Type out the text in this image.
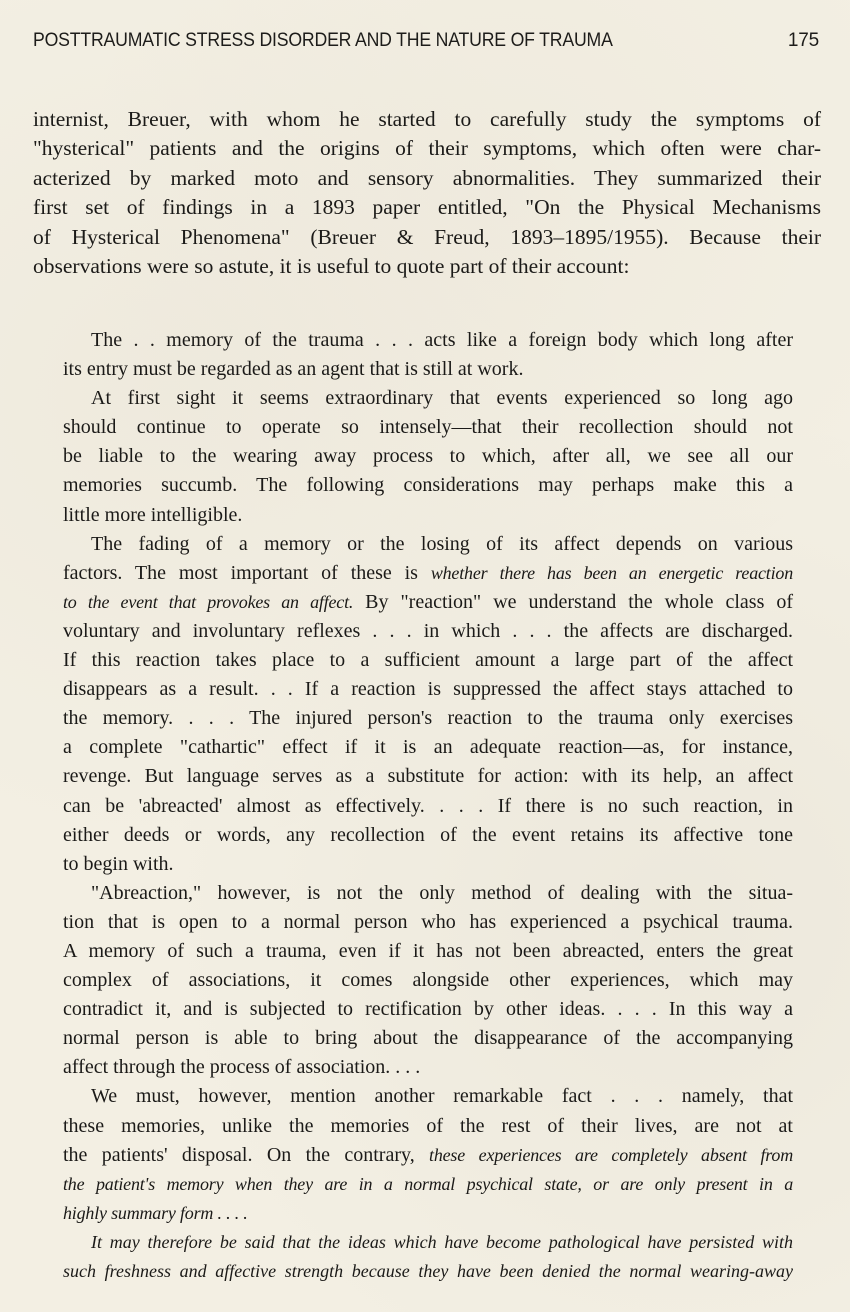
POSTTRAUMATIC STRESS DISORDER AND THE NATURE OF TRAUMA	175
internist, Breuer, with whom he started to carefully study the symptoms of
"hysterical" patients and the origins of their symptoms, which often were char-
acterized by marked moto and sensory abnormalities. They summarized their
first set of findings in a 1893 paper entitled, "On the Physical Mechanisms
of Hysterical Phenomena" (Breuer & Freud, 1893–1895/1955). Because their
observations were so astute, it is useful to quote part of their account:
The . . memory of the trauma . . . acts like a foreign body which long after
its entry must be regarded as an agent that is still at work.
At first sight it seems extraordinary that events experienced so long ago
should continue to operate so intensely—that their recollection should not
be liable to the wearing away process to which, after all, we see all our
memories succumb. The following considerations may perhaps make this a
little more intelligible.
The fading of a memory or the losing of its affect depends on various
factors. The most important of these is whether there has been an energetic reaction
to the event that provokes an affect. By "reaction" we understand the whole class of
voluntary and involuntary reflexes . . . in which . . . the affects are discharged.
If this reaction takes place to a sufficient amount a large part of the affect
disappears as a result. . . If a reaction is suppressed the affect stays attached to
the memory. . . . The injured person's reaction to the trauma only exercises
a complete "cathartic" effect if it is an adequate reaction—as, for instance,
revenge. But language serves as a substitute for action: with its help, an affect
can be 'abreacted' almost as effectively. . . . If there is no such reaction, in
either deeds or words, any recollection of the event retains its affective tone
to begin with.
"Abreaction," however, is not the only method of dealing with the situa-
tion that is open to a normal person who has experienced a psychical trauma.
A memory of such a trauma, even if it has not been abreacted, enters the great
complex of associations, it comes alongside other experiences, which may
contradict it, and is subjected to rectification by other ideas. . . . In this way a
normal person is able to bring about the disappearance of the accompanying
affect through the process of association. . . .
We must, however, mention another remarkable fact . . . namely, that
these memories, unlike the memories of the rest of their lives, are not at
the patients' disposal. On the contrary, these experiences are completely absent from
the patient's memory when they are in a normal psychical state, or are only present in a
highly summary form . . . .
It may therefore be said that the ideas which have become pathological have persisted with
such freshness and affective strength because they have been denied the normal wearing-away
